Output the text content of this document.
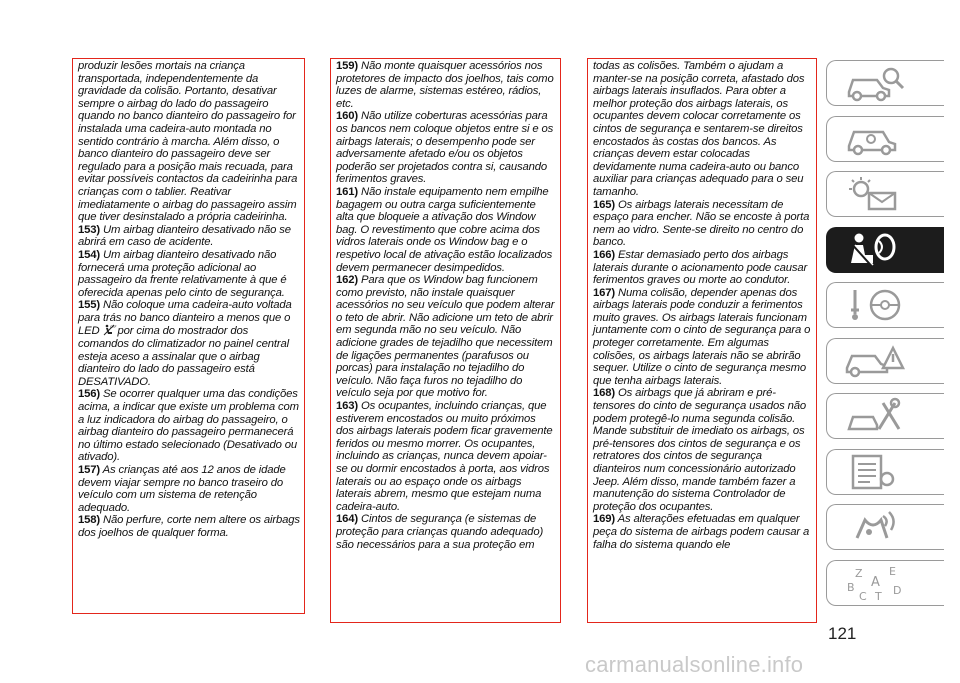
produzir lesões mortais na criança transportada, independentemente da gravidade da colisão. Portanto, desativar sempre o airbag do lado do passageiro quando no banco dianteiro do passageiro for instalada uma cadeira-auto montada no sentido contrário à marcha. Além disso, o banco dianteiro do passageiro deve ser regulado para a posição mais recuada, para evitar possíveis contactos da cadeirinha para crianças com o tablier. Reativar imediatamente o airbag do passageiro assim que tiver desinstalado a própria cadeirinha.

153) Um airbag dianteiro desativado não se abrirá em caso de acidente.

154) Um airbag dianteiro desativado não fornecerá uma proteção adicional ao passageiro da frente relativamente à que é oferecida apenas pelo cinto de segurança.

155) Não coloque uma cadeira-auto voltada para trás no banco dianteiro a menos que o LED	OFF por cima do mostrador dos comandos do climatizador no painel central esteja aceso a assinalar que o airbag dianteiro do lado do passageiro está DESATIVADO.

156) Se ocorrer qualquer uma das condições acima, a indicar que existe um problema com a luz indicadora do airbag do passageiro, o airbag dianteiro do passageiro permanecerá no último estado selecionado (Desativado ou ativado).

157) As crianças até aos 12 anos de idade devem viajar sempre no banco traseiro do veículo com um sistema de retenção adequado.

158) Não perfure, corte nem altere os airbags dos joelhos de qualquer forma.

159) Não monte quaisquer acessórios nos protetores de impacto dos joelhos, tais como luzes de alarme, sistemas estéreo, rádios, etc.

160) Não utilize coberturas acessórias para os bancos nem coloque objetos entre si e os airbags laterais; o desempenho pode ser adversamente afetado e/ou os objetos poderão ser projetados contra si, causando ferimentos graves.

161) Não instale equipamento nem empilhe bagagem ou outra carga suficientemente alta que bloqueie a ativação dos Window bag. O revestimento que cobre acima dos vidros laterais onde os Window bag e o respetivo local de ativação estão localizados devem permanecer desimpedidos.

162) Para que os Window bag funcionem como previsto, não instale quaisquer acessórios no seu veículo que podem alterar o teto de abrir. Não adicione um teto de abrir em segunda mão no seu veículo. Não adicione grades de tejadilho que necessitem de ligações permanentes (parafusos ou porcas) para instalação no tejadilho do veículo. Não faça furos no tejadilho do veículo seja por que motivo for.

163) Os ocupantes, incluindo crianças, que estiverem encostados ou muito próximos dos airbags laterais podem ficar gravemente feridos ou mesmo morrer. Os ocupantes, incluindo as crianças, nunca devem apoiar-se ou dormir encostados à porta, aos vidros laterais ou ao espaço onde os airbags laterais abrem, mesmo que estejam numa cadeira-auto.

164) Cintos de segurança (e sistemas de proteção para crianças quando adequado) são necessários para a sua proteção em

todas as colisões. Também o ajudam a manter-se na posição correta, afastado dos airbags laterais insuflados. Para obter a melhor proteção dos airbags laterais, os ocupantes devem colocar corretamente os cintos de segurança e sentarem-se direitos encostados às costas dos bancos. As crianças devem estar colocadas devidamente numa cadeira-auto ou banco auxiliar para crianças adequado para o seu tamanho.

165) Os airbags laterais necessitam de espaço para encher. Não se encoste à porta nem ao vidro. Sente-se direito no centro do banco.

166) Estar demasiado perto dos airbags laterais durante o acionamento pode causar ferimentos graves ou morte ao condutor.

167) Numa colisão, depender apenas dos airbags laterais pode conduzir a ferimentos muito graves. Os airbags laterais funcionam juntamente com o cinto de segurança para o proteger corretamente. Em algumas colisões, os airbags laterais não se abrirão sequer. Utilize o cinto de segurança mesmo que tenha airbags laterais.

168) Os airbags que já abriram e pré-tensores do cinto de segurança usados não podem protegê-lo numa segunda colisão. Mande substituir de imediato os airbags, os pré-tensores dos cintos de segurança e os retratores dos cintos de segurança dianteiros num concessionário autorizado Jeep. Além disso, mande também fazer a manutenção do sistema Controlador de proteção dos ocupantes.

169) As alterações efetuadas em qualquer peça do sistema de airbags podem causar a falha do sistema quando ele

Z E
A
B
C T D
121
carmanualsonline.info
